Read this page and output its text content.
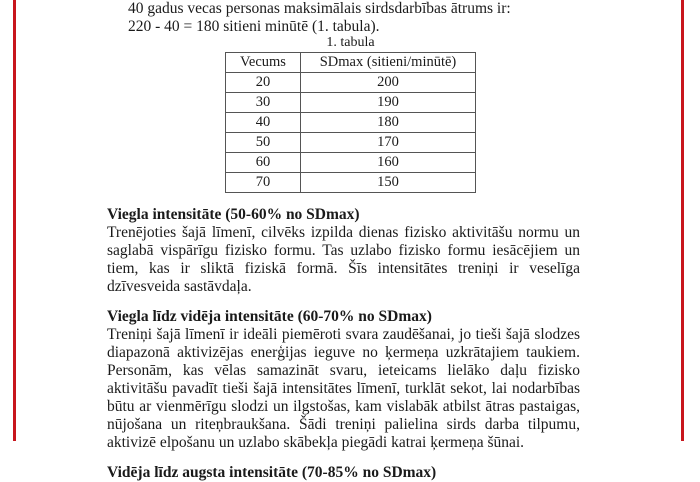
40 gadus vecas personas maksimālais sirdsdarbības ātrums ir:
220 - 40 = 180 sitieni minūtē (1. tabula).
1. tabula
Vecums	SDmax (sitieni/minūtē)
20	200
30	190
40	180
50	170
60	160
70	150
Viegla intensitāte (50-60% no SDmax)

Trenējoties šajā līmenī, cilvēks izpilda dienas fizisko aktivitāšu normu un saglabā vispārīgu fizisko formu. Tas uzlabo fizisko formu iesācējiem un tiem, kas ir sliktā fiziskā formā. Šīs intensitātes treniņi ir veselīga dzīvesveida sastāvdaļa.

Viegla līdz vidēja intensitāte (60-70% no SDmax)

Treniņi šajā līmenī ir ideāli piemēroti svara zaudēšanai, jo tieši šajā slodzes diapazonā aktivizējas enerģijas ieguve no ķermeņa uzkrātajiem taukiem. Personām, kas vēlas samazināt svaru, ieteicams lielāko daļu fizisko aktivitāšu pavadīt tieši šajā intensitātes līmenī, turklāt sekot, lai nodarbības būtu ar vienmērīgu slodzi un ilgstošas, kam vislabāk atbilst ātras pastaigas, nūjošana un riteņbraukšana. Šādi treniņi palielina sirds darba tilpumu, aktivizē elpošanu un uzlabo skābekļa piegādi katrai ķermeņa šūnai.

Vidēja līdz augsta intensitāte (70-85% no SDmax)
